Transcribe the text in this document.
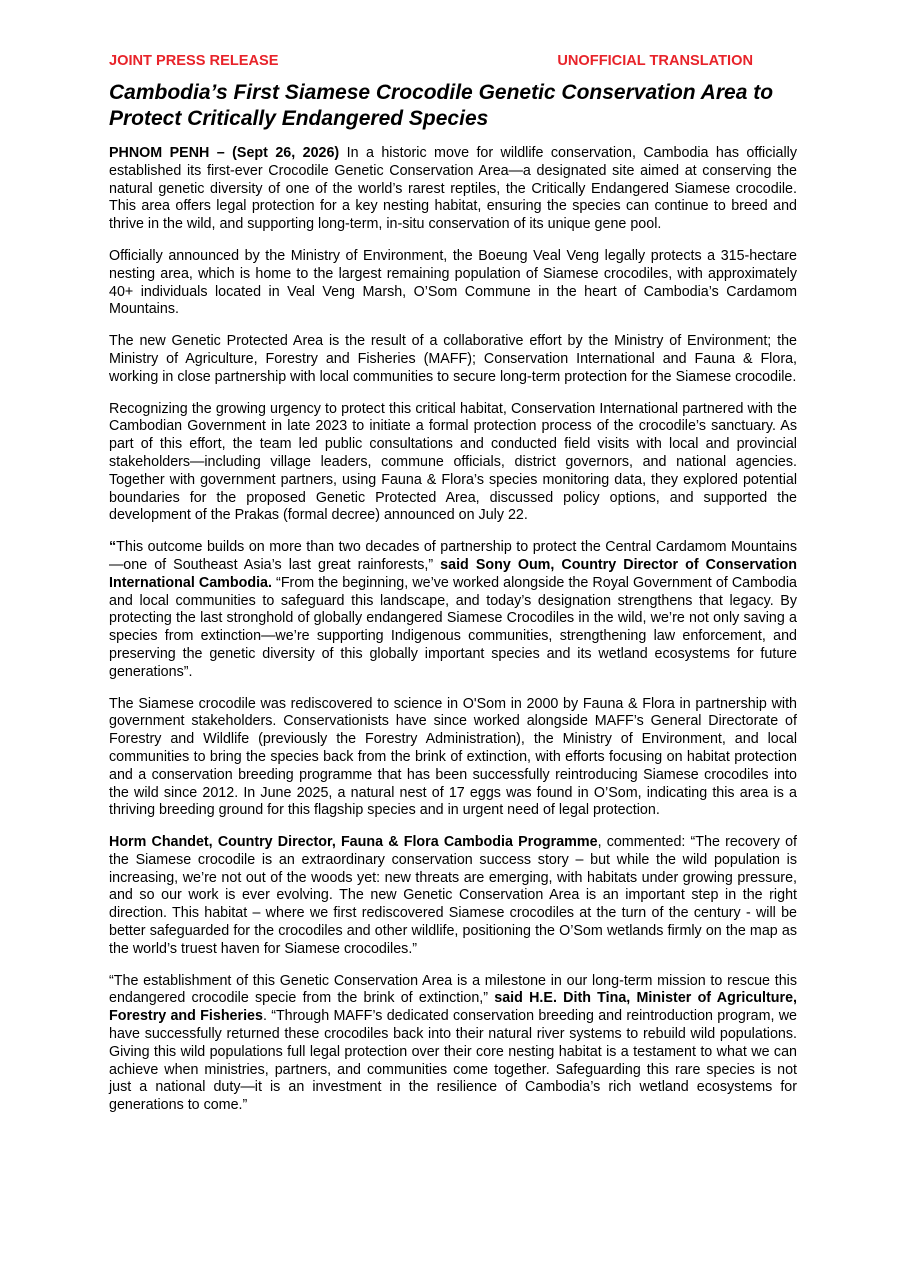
JOINT PRESS RELEASE	UNOFFICIAL TRANSLATION
Cambodia’s First Siamese Crocodile Genetic Conservation Area to Protect Critically Endangered Species

PHNOM PENH – (Sept 26, 2026) In a historic move for wildlife conservation, Cambodia has officially established its first-ever Crocodile Genetic Conservation Area—a designated site aimed at conserving the natural genetic diversity of one of the world’s rarest reptiles, the Critically Endangered Siamese crocodile. This area offers legal protection for a key nesting habitat, ensuring the species can continue to breed and thrive in the wild, and supporting long-term, in-situ conservation of its unique gene pool.

Officially announced by the Ministry of Environment, the Boeung Veal Veng legally protects a 315-hectare nesting area, which is home to the largest remaining population of Siamese crocodiles, with approximately 40+ individuals located in Veal Veng Marsh, O’Som Commune in the heart of Cambodia’s Cardamom Mountains.

The new Genetic Protected Area is the result of a collaborative effort by the Ministry of Environment; the Ministry of Agriculture, Forestry and Fisheries (MAFF); Conservation International and Fauna & Flora, working in close partnership with local communities to secure long-term protection for the Siamese crocodile.

Recognizing the growing urgency to protect this critical habitat, Conservation International partnered with the Cambodian Government in late 2023 to initiate a formal protection process of the crocodile’s sanctuary. As part of this effort, the team led public consultations and conducted field visits with local and provincial stakeholders—including village leaders, commune officials, district governors, and national agencies. Together with government partners, using Fauna & Flora’s species monitoring data, they explored potential boundaries for the proposed Genetic Protected Area, discussed policy options, and supported the development of the Prakas (formal decree) announced on July 22.

“This outcome builds on more than two decades of partnership to protect the Central Cardamom Mountains—one of Southeast Asia’s last great rainforests,” said Sony Oum, Country Director of Conservation International Cambodia. “From the beginning, we’ve worked alongside the Royal Government of Cambodia and local communities to safeguard this landscape, and today’s designation strengthens that legacy. By protecting the last stronghold of globally endangered Siamese Crocodiles in the wild, we’re not only saving a species from extinction—we’re supporting Indigenous communities, strengthening law enforcement, and preserving the genetic diversity of this globally important species and its wetland ecosystems for future generations”.

The Siamese crocodile was rediscovered to science in O'Som in 2000 by Fauna & Flora in partnership with government stakeholders. Conservationists have since worked alongside MAFF’s General Directorate of Forestry and Wildlife (previously the Forestry Administration), the Ministry of Environment, and local communities to bring the species back from the brink of extinction, with efforts focusing on habitat protection and a conservation breeding programme that has been successfully reintroducing Siamese crocodiles into the wild since 2012. In June 2025, a natural nest of 17 eggs was found in O’Som, indicating this area is a thriving breeding ground for this flagship species and in urgent need of legal protection.

Horm Chandet, Country Director, Fauna & Flora Cambodia Programme, commented: “The recovery of the Siamese crocodile is an extraordinary conservation success story – but while the wild population is increasing, we’re not out of the woods yet: new threats are emerging, with habitats under growing pressure, and so our work is ever evolving. The new Genetic Conservation Area is an important step in the right direction. This habitat – where we first rediscovered Siamese crocodiles at the turn of the century - will be better safeguarded for the crocodiles and other wildlife, positioning the O’Som wetlands firmly on the map as the world’s truest haven for Siamese crocodiles.”

“The establishment of this Genetic Conservation Area is a milestone in our long-term mission to rescue this endangered crocodile specie from the brink of extinction,” said H.E. Dith Tina, Minister of Agriculture, Forestry and Fisheries. “Through MAFF’s dedicated conservation breeding and reintroduction program, we have successfully returned these crocodiles back into their natural river systems to rebuild wild populations. Giving this wild populations full legal protection over their core nesting habitat is a testament to what we can achieve when ministries, partners, and communities come together. Safeguarding this rare species is not just a national duty—it is an investment in the resilience of Cambodia’s rich wetland ecosystems for generations to come.”
